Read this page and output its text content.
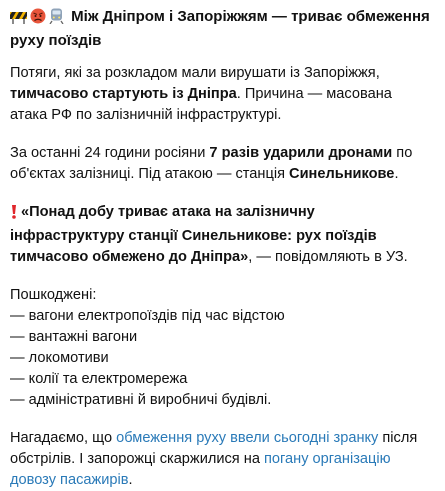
Між Дніпром і Запоріжжям — триває обмеження руху поїздів

Потяги, які за розкладом мали вирушати із Запоріжжя, тимчасово стартують із Дніпра. Причина — масована атака РФ по залізничній інфраструктурі.

За останні 24 години росіяни 7 разів ударили дронами по об'єктах залізниці. Під атакою — станція Синельникове.

«Понад добу триває атака на залізничну інфраструктуру станції Синельникове: рух поїздів тимчасово обмежено до Дніпра», — повідомляють в УЗ.

Пошкоджені:
— вагони електропоїздів під час відстою
— вантажні вагони
— локомотиви
— колії та електромережа
— адміністративні й виробничі будівлі.

Нагадаємо, що обмеження руху ввели сьогодні зранку після обстрілів. І запорожці скаржилися на погану організацію довозу пасажирів.
